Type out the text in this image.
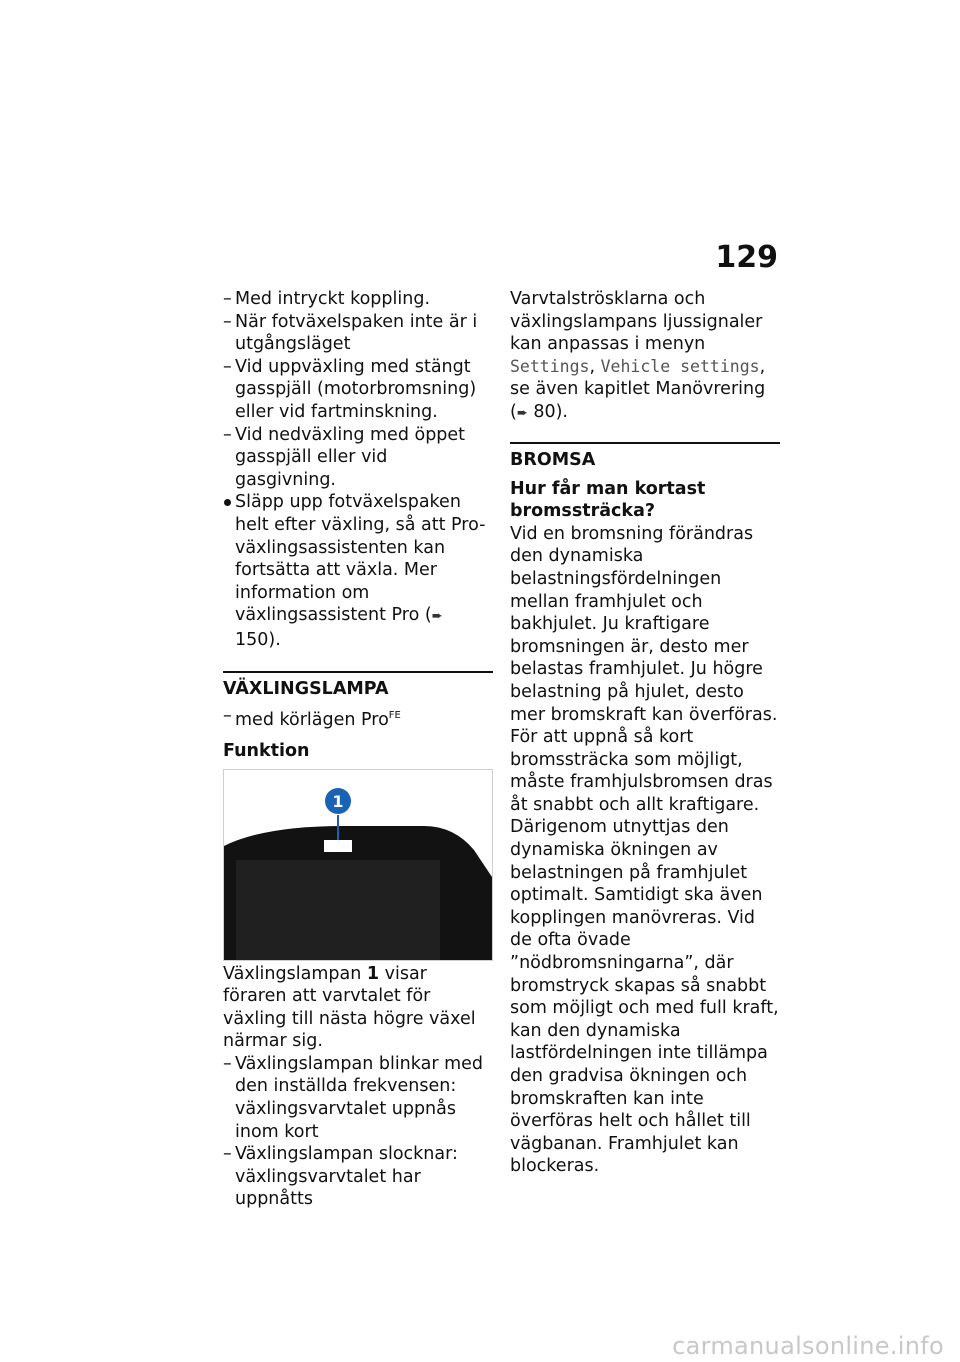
129
– Med intryckt koppling.
– När fotväxelspaken inte är i utgångsläget
– Vid uppväxling med stängt gasspjäll (motorbromsning) eller vid fartminskning.
– Vid nedväxling med öppet gasspjäll eller vid gasgivning.
Släpp upp fotväxelspaken helt efter växling, så att Pro-växlingsassistenten kan fortsätta att växla. Mer information om växlingsassistent Pro (➨ 150).
VÄXLINGSLAMPA
– med körlägen Pro$^{FE}$
Funktion
1
Växlingslampan 1 visar föraren att varvtalet för växling till nästa högre växel närmar sig.
– Växlingslampan blinkar med den inställda frekvensen: växlingsvarvtalet uppnås inom kort
– Växlingslampan slocknar: växlingsvarvtalet har uppnåtts
Varvtalströsklarna och växlingslampans ljussignaler kan anpassas i menyn Settings, Vehicle settings, se även kapitlet Manövrering (➨ 80).
BROMSA
Hur får man kortast bromssträcka?
Vid en bromsning förändras den dynamiska belastningsfördelningen mellan framhjulet och bakhjulet. Ju kraftigare bromsningen är, desto mer belastas framhjulet. Ju högre belastning på hjulet, desto mer bromskraft kan överföras.
För att uppnå så kort bromssträcka som möjligt, måste framhjulsbromsen dras åt snabbt och allt kraftigare. Därigenom utnyttjas den dynamiska ökningen av belastningen på framhjulet optimalt. Samtidigt ska även kopplingen manövreras. Vid de ofta övade ”nödbromsningarna”, där bromstryck skapas så snabbt som möjligt och med full kraft, kan den dynamiska lastfördelningen inte tillämpa den gradvisa ökningen och bromskraften kan inte överföras helt och hållet till vägbanan. Framhjulet kan blockeras.
carmanualsonline.info
